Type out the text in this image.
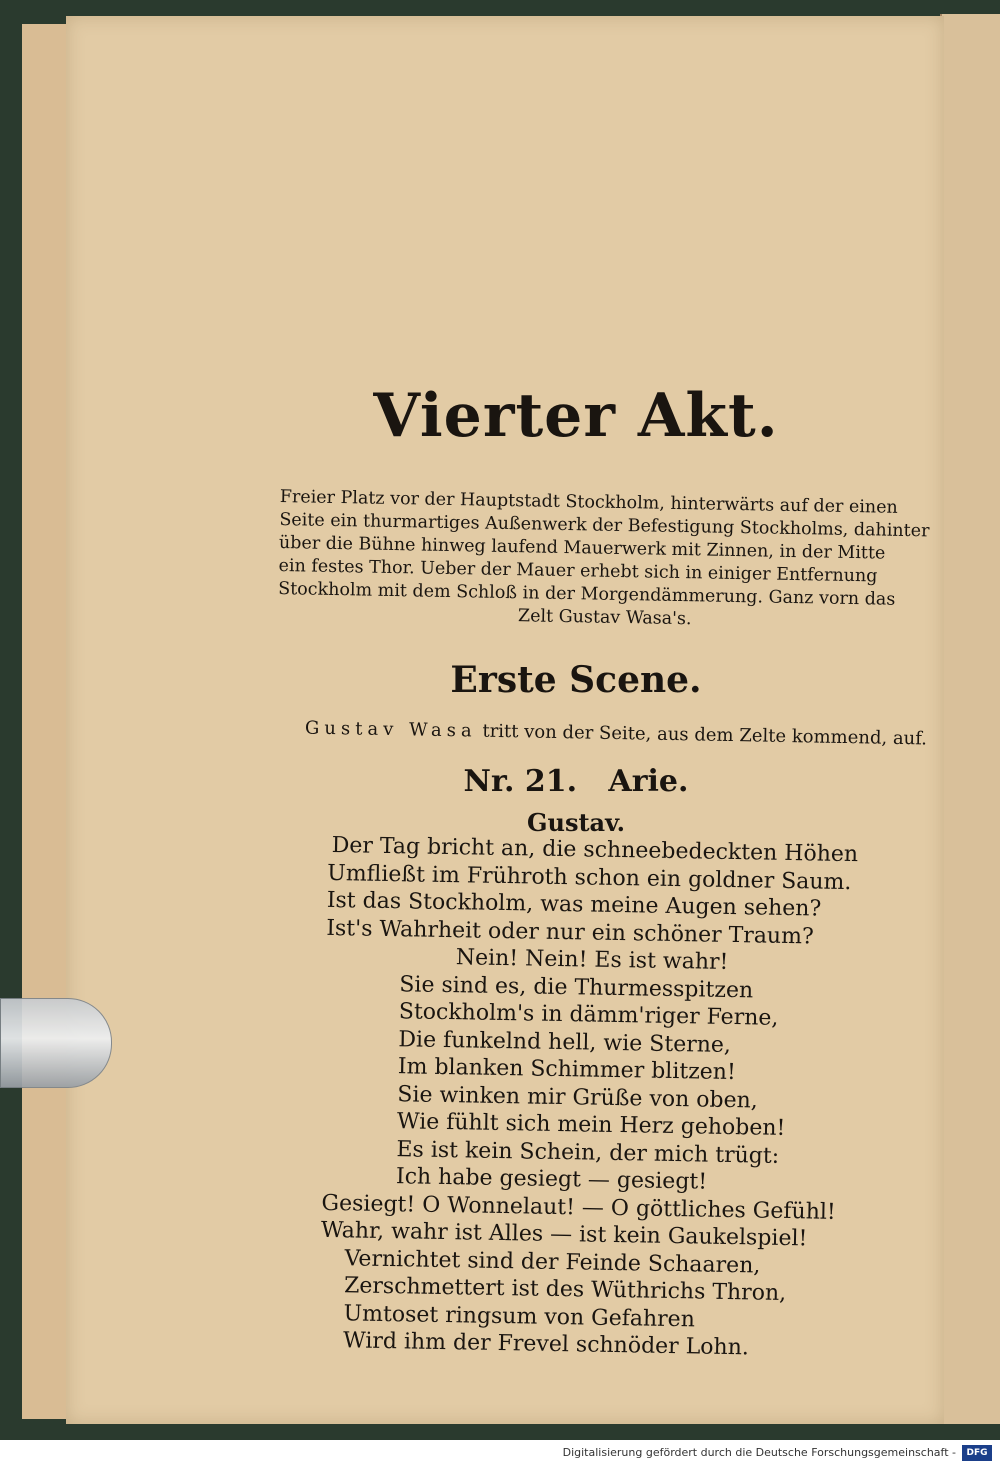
Vierter Akt.
Freier Platz vor der Hauptstadt Stockholm, hinterwärts auf der einen
Seite ein thurmartiges Außenwerk der Befestigung Stockholms, dahinter
über die Bühne hinweg laufend Mauerwerk mit Zinnen, in der Mitte
ein festes Thor. Ueber der Mauer erhebt sich in einiger Entfernung
Stockholm mit dem Schloß in der Morgendämmerung. Ganz vorn das
Zelt Gustav Wasa's.
Erste Scene.
Gustav Wasa tritt von der Seite, aus dem Zelte kommend, auf.
Nr. 21.   Arie.
Gustav.
Der Tag bricht an, die schneebedeckten Höhen
Umfließt im Frühroth schon ein goldner Saum.
Ist das Stockholm, was meine Augen sehen?
Ist's Wahrheit oder nur ein schöner Traum?
Nein! Nein! Es ist wahr!
Sie sind es, die Thurmesspitzen
Stockholm's in dämm'riger Ferne,
Die funkelnd hell, wie Sterne,
Im blanken Schimmer blitzen!
Sie winken mir Grüße von oben,
Wie fühlt sich mein Herz gehoben!
Es ist kein Schein, der mich trügt:
Ich habe gesiegt — gesiegt!
Gesiegt! O Wonnelaut! — O göttliches Gefühl!
Wahr, wahr ist Alles — ist kein Gaukelspiel!
Vernichtet sind der Feinde Schaaren,
Zerschmettert ist des Wüthrichs Thron,
Umtoset ringsum von Gefahren
Wird ihm der Frevel schnöder Lohn.
Digitalisierung gefördert durch die Deutsche Forschungsgemeinschaft -	DFG
